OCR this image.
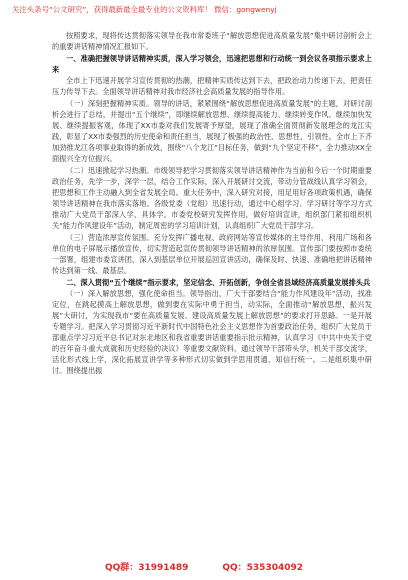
关注头条号“公文研究”，获得最新最全最专业的公文资料库！ 微信：gongwenyj

按照要求，现将传达贯彻落实领导在我市常委班子“解放思想促进高质量发展”集中研讨剖析会上的重要讲话精神情况汇报如下。

一、准确把握领导讲话精神实质，深入学习领会，迅速把思想和行动统一到会议各项指示要求上来

全市上下迅速开展学习宣传贯彻的热潮，把精神实质传达到下去，把政治动力传递下去，把责任压力传导下去。全面领导讲话精神对我市经济社会高质量发展的指导作用。

（一）深刻把握精神实质。领导的讲话，紧紧围绕“解放思想促进高质量发展”的主题，对研讨剖析会进行了总结，并提出“五个继续”，即继续解放思想、继续提高能力、继续转变作风、继续加快发展、继续提振客观，体现了XX市委对我们发展寄予厚望，展现了准确全面贯彻新发展理念的龙江实践，彰显了XX市委强烈的历史使命和责任担当，展现了极强的政治性、思想性、引领性。全市上下齐加劲推龙江各项事业取得的新成效，围绕“八个龙江”目标任务，做到“九个坚定不移”，全力推动XX全面振兴全方位振兴。

（二）迅速掀起学习热潮。市级领导把学习贯彻落实领导讲话精神作为当前和今后一个时期重要政治任务，先学一步，深学一层，结合工作实际，深入开展研讨交流，带动分管战线认真学习领会，把思想和工作主动融入到全省发展全局。重大任务中，深入研究对接，用足用好各项政策机遇，确保领导讲话精神在我市落实落地。各级党委（党组）迅速行动，通过中心组学习、学习研讨等学习方式推动广大党员干部深入学、具体学。市委党校研究发挥作用，做好培训宣讲，组织部门紧扣组织机关“能力作风建设年”活动，制定周密的学习培训计划，认真组织广大党员干部学习。

（三）营造浓厚宣传氛围。充分发挥广播电视、政府网站等宣传媒体的主导作用，利用广场和各单位的电子屏展示播放宣传，切实营造起宣传贯彻领导讲话精神的浓厚氛围。宣传部门要按照市委统一部署，组建市委宣讲团，深入到基层单位开展巡回宣讲活动，确保及时、快速、准确地把讲话精神传达到第一线、最基层。

二、深入贯彻“五个继续”指示要求，坚定信念、开拓创新，争创全省县域经济高质量发展排头兵

（一）深入解放思想，强化使命担当。领导指出，广大干部要结合“能力作风建设年”活动，找准定位，在跳起摸高上解放思想，做到要在实际中勇于担当，动实际，全面推动“解放思想，振兴发展”大研讨，为实现我市“要在高质量发展、建设高质量发展上解放思想”的要求打开思路。一是开展专题学习。把深入学习贯彻习近平新时代中国特色社会主义思想作为首要政治任务，组织广大党员干部重点学习习近平总书记对东北地区和我省重要讲话重要指示批示精神，认真学习《中共中央关于党的百年奋斗重大成就和历史经验的决议》等重要文献资料。通过领导干部带头学，机关干部交流学，活化形式线上学，深化拓展宣讲学等多种形式切实做到学思用贯通、知信行统一。二是组织集中研讨。围绕提出振

QQ群：31991489	QQ：535304092
